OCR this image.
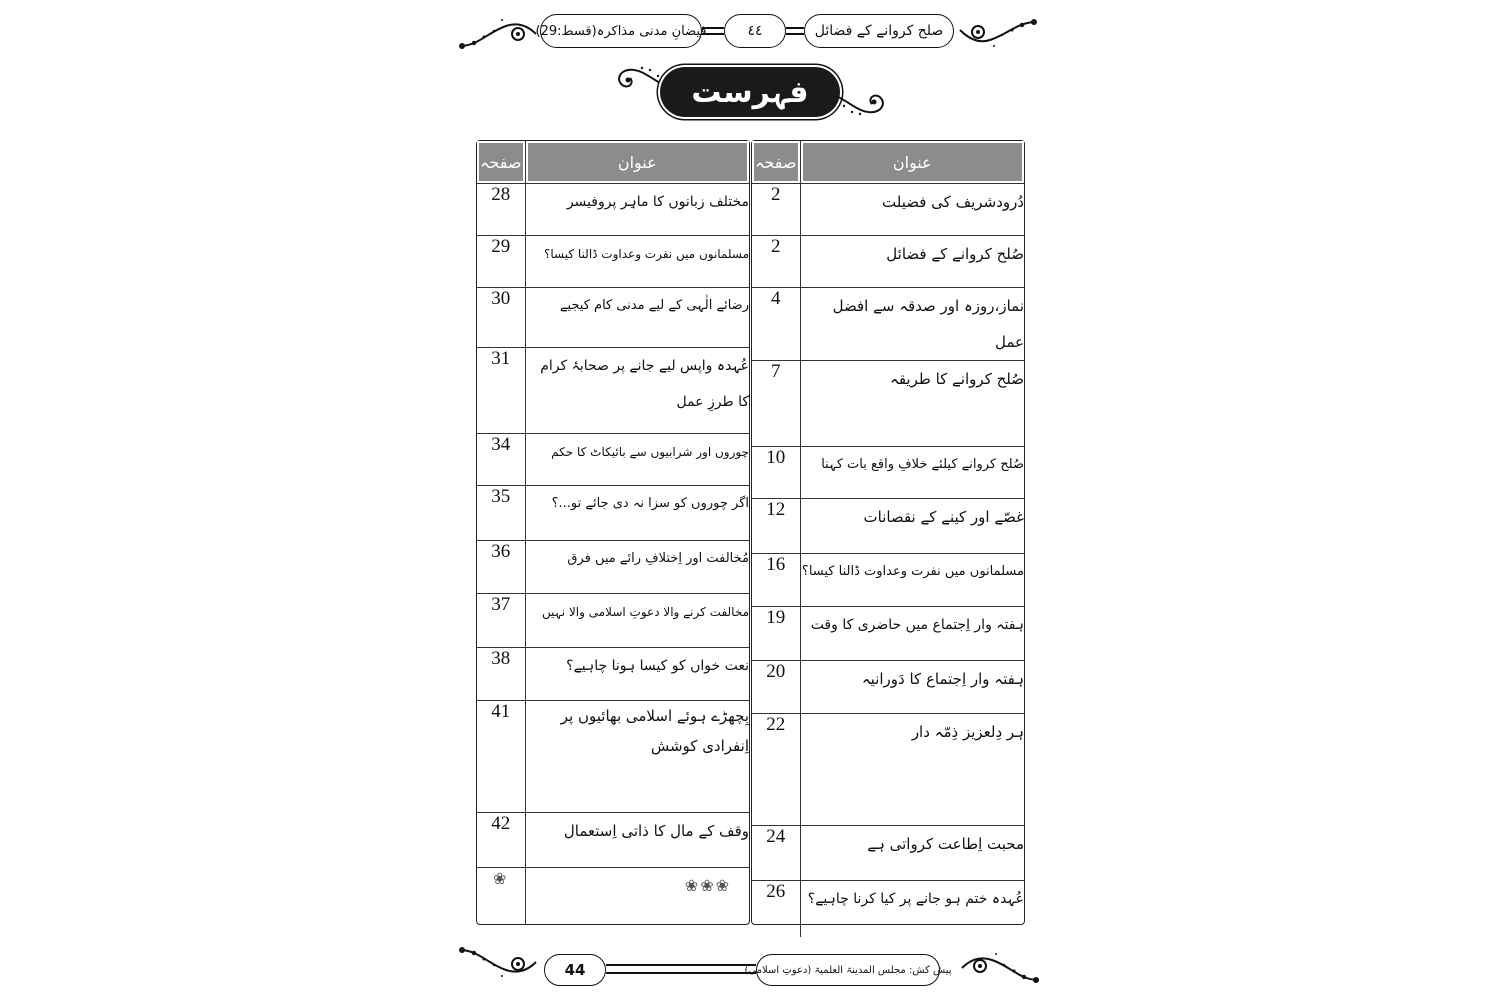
فیضانِ مدنی مذاکرہ(قسط:29)	٤٤	صلح کروانے کے فضائل
فہرست
صفحہ	عنوان
2	دُرودشریف کی فضیلت
2	صُلح کروانے کے فضائل
4	نماز،روزہ اور صدقہ سے افضل عمل
7	صُلح کروانے کا طریقہ
10	صُلح کروانے کیلئے خلافِ واقع بات کہنا
12	غصّے اور کینے کے نقصانات
16	مسلمانوں میں نفرت وعداوت ڈالنا کیسا؟
19	ہفتہ وار اِجتماع میں حاضری کا وقت
20	ہفتہ وار اِجتماع کا دَورانیہ
22	ہر دِلعزیز ذِمّہ دار
24	محبت اِطاعت کرواتی ہے
26	عُہدہ ختم ہو جانے پر کیا کرنا چاہیے؟
صفحہ	عنوان
28	مختلف زبانوں کا ماہِر پروفیسر
29	مسلمانوں میں نفرت وعداوت ڈالنا کیسا؟
30	رضائے الٰہی کے لیے مدنی کام کیجیے
31	عُہدہ واپس لیے جانے پر صحابۂ کرام کا طرزِ عمل
34	چوروں اور شرابیوں سے بائیکاٹ کا حکم
35	اگر چوروں کو سزا نہ دی جائے تو...؟
36	مُخالفت اور اِختلافِ رائے میں فرق
37	مخالفت کرنے والا دعوتِ اسلامی والا نہیں
38	نعت خواں کو کیسا ہونا چاہیے؟
41	بِچھڑے ہوئے اسلامی بھائیوں پر اِنفرادی کوشش
42	وقف کے مال کا ذاتی اِستعمال
❀	❀❀❀
44	پیش کش: مجلس المدینۃ العلمیۃ (دعوتِ اسلامی)
